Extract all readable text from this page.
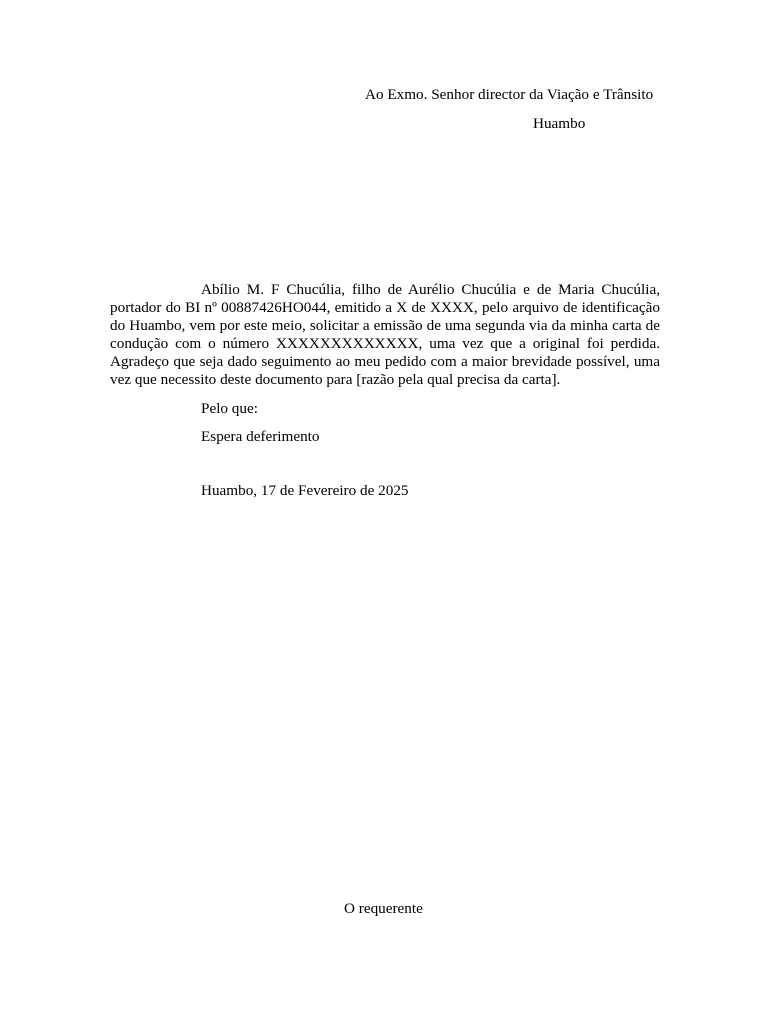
Ao Exmo. Senhor director da Viação e Trânsito
Huambo

Abílio M. F Chucúlia, filho de Aurélio Chucúlia e de Maria Chucúlia, portador do BI nº 00887426HO044, emitido a X de XXXX, pelo arquivo de identificação do Huambo, vem por este meio, solicitar a emissão de uma segunda via da minha carta de condução com o número XXXXXXXXXXXXX, uma vez que a original foi perdida. Agradeço que seja dado seguimento ao meu pedido com a maior brevidade possível, uma vez que necessito deste documento para [razão pela qual precisa da carta].

Pelo que:
Espera deferimento
Huambo, 17 de Fevereiro de 2025
O requerente
